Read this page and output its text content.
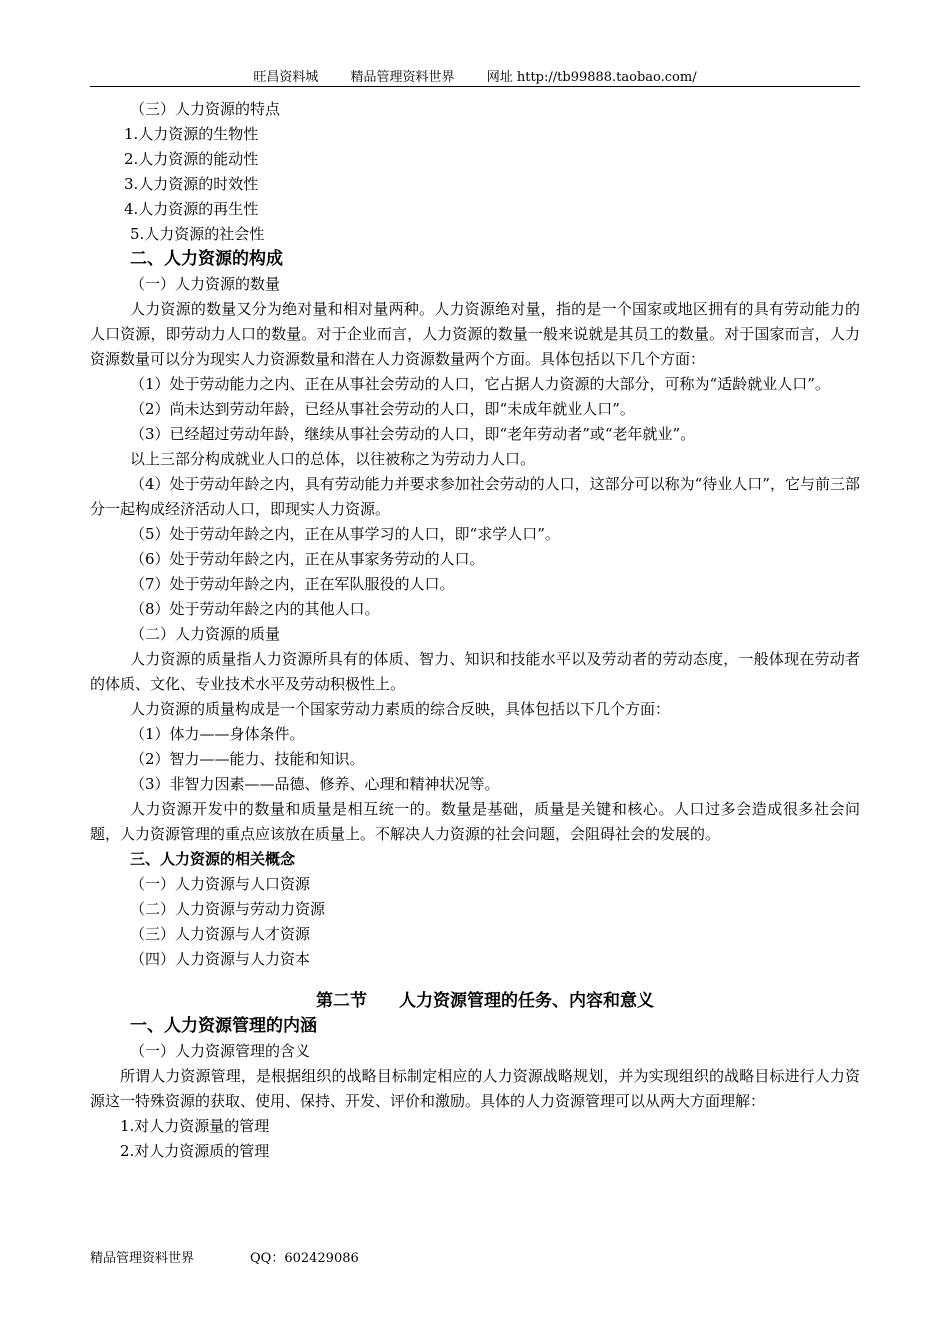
旺昌资料城 精品管理资料世界 网址 http://tb99888.taobao.com/
（三）人力资源的特点
1.人力资源的生物性
2.人力资源的能动性
3.人力资源的时效性
4.人力资源的再生性
5.人力资源的社会性
二、人力资源的构成
（一）人力资源的数量
人力资源的数量又分为绝对量和相对量两种。人力资源绝对量，指的是一个国家或地区拥有的具有劳动能力的人口资源，即劳动力人口的数量。对于企业而言，人力资源的数量一般来说就是其员工的数量。对于国家而言，人力资源数量可以分为现实人力资源数量和潜在人力资源数量两个方面。具体包括以下几个方面：
（1）处于劳动能力之内、正在从事社会劳动的人口，它占据人力资源的大部分，可称为“适龄就业人口”。
（2）尚未达到劳动年龄，已经从事社会劳动的人口，即“未成年就业人口”。
（3）已经超过劳动年龄，继续从事社会劳动的人口，即“老年劳动者”或“老年就业”。
以上三部分构成就业人口的总体，以往被称之为劳动力人口。
（4）处于劳动年龄之内，具有劳动能力并要求参加社会劳动的人口，这部分可以称为“待业人口”，它与前三部分一起构成经济活动人口，即现实人力资源。
（5）处于劳动年龄之内，正在从事学习的人口，即“求学人口”。
（6）处于劳动年龄之内，正在从事家务劳动的人口。
（7）处于劳动年龄之内，正在军队服役的人口。
（8）处于劳动年龄之内的其他人口。
（二）人力资源的质量
人力资源的质量指人力资源所具有的体质、智力、知识和技能水平以及劳动者的劳动态度，一般体现在劳动者的体质、文化、专业技术水平及劳动积极性上。
人力资源的质量构成是一个国家劳动力素质的综合反映，具体包括以下几个方面：
（1）体力——身体条件。
（2）智力——能力、技能和知识。
（3）非智力因素——品德、修养、心理和精神状况等。
人力资源开发中的数量和质量是相互统一的。数量是基础，质量是关键和核心。人口过多会造成很多社会问题，人力资源管理的重点应该放在质量上。不解决人力资源的社会问题，会阻碍社会的发展的。
三、人力资源的相关概念
（一）人力资源与人口资源
（二）人力资源与劳动力资源
（三）人力资源与人才资源
（四）人力资源与人力资本
第二节 人力资源管理的任务、内容和意义
一、人力资源管理的内涵
（一）人力资源管理的含义
所谓人力资源管理，是根据组织的战略目标制定相应的人力资源战略规划，并为实现组织的战略目标进行人力资源这一特殊资源的获取、使用、保持、开发、评价和激励。具体的人力资源管理可以从两大方面理解：
1.对人力资源量的管理
2.对人力资源质的管理
精品管理资料世界	QQ：602429086
